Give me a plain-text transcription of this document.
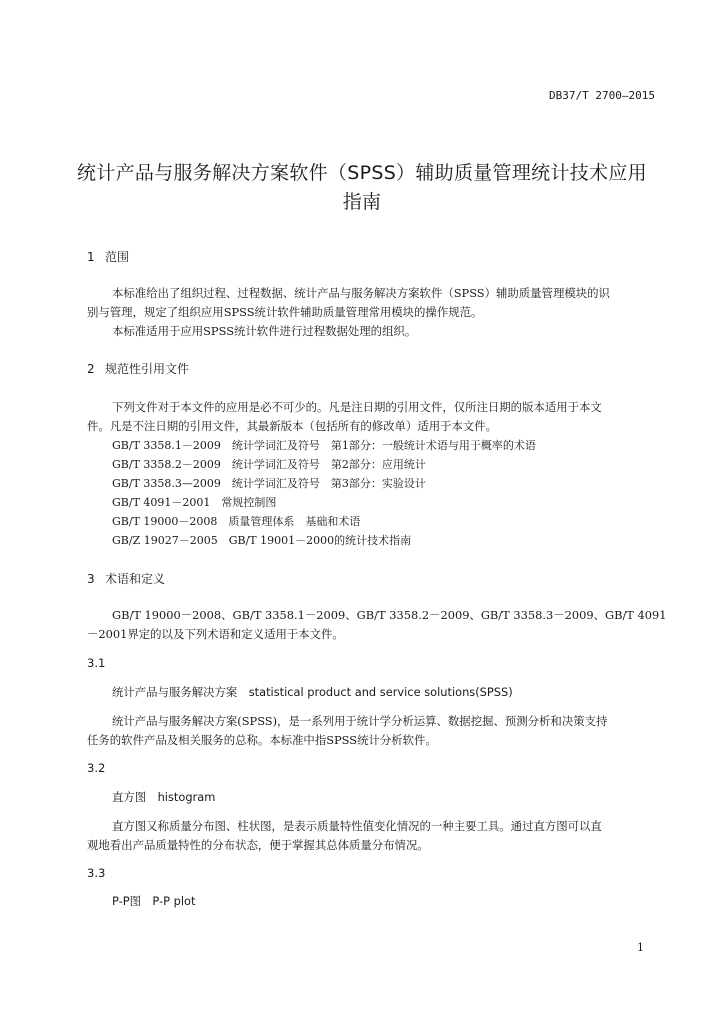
DB37/T 2700—2015
统计产品与服务解决方案软件（SPSS）辅助质量管理统计技术应用
指南
1 范围
本标准给出了组织过程、过程数据、统计产品与服务解决方案软件（SPSS）辅助质量管理模块的识
别与管理，规定了组织应用SPSS统计软件辅助质量管理常用模块的操作规范。
本标准适用于应用SPSS统计软件进行过程数据处理的组织。
2 规范性引用文件
下列文件对于本文件的应用是必不可少的。凡是注日期的引用文件，仅所注日期的版本适用于本文
件。凡是不注日期的引用文件，其最新版本（包括所有的修改单）适用于本文件。
GB/T 3358.1－2009　统计学词汇及符号　第1部分：一般统计术语与用于概率的术语
GB/T 3358.2－2009　统计学词汇及符号　第2部分：应用统计
GB/T 3358.3—2009　统计学词汇及符号　第3部分：实验设计
GB/T 4091－2001　常规控制图
GB/T 19000－2008　质量管理体系　基础和术语
GB/Z 19027－2005　GB/T 19001－2000的统计技术指南
3 术语和定义
GB/T 19000－2008、GB/T 3358.1－2009、GB/T 3358.2－2009、GB/T 3358.3－2009、GB/T 4091
－2001界定的以及下列术语和定义适用于本文件。
3.1
统计产品与服务解决方案　statistical product and service solutions(SPSS)
统计产品与服务解决方案(SPSS)，是一系列用于统计学分析运算、数据挖掘、预测分析和决策支持
任务的软件产品及相关服务的总称。本标准中指SPSS统计分析软件。
3.2
直方图　histogram
直方图又称质量分布图、柱状图，是表示质量特性值变化情况的一种主要工具。通过直方图可以直
观地看出产品质量特性的分布状态，便于掌握其总体质量分布情况。
3.3
P-P图　P-P plot
1
